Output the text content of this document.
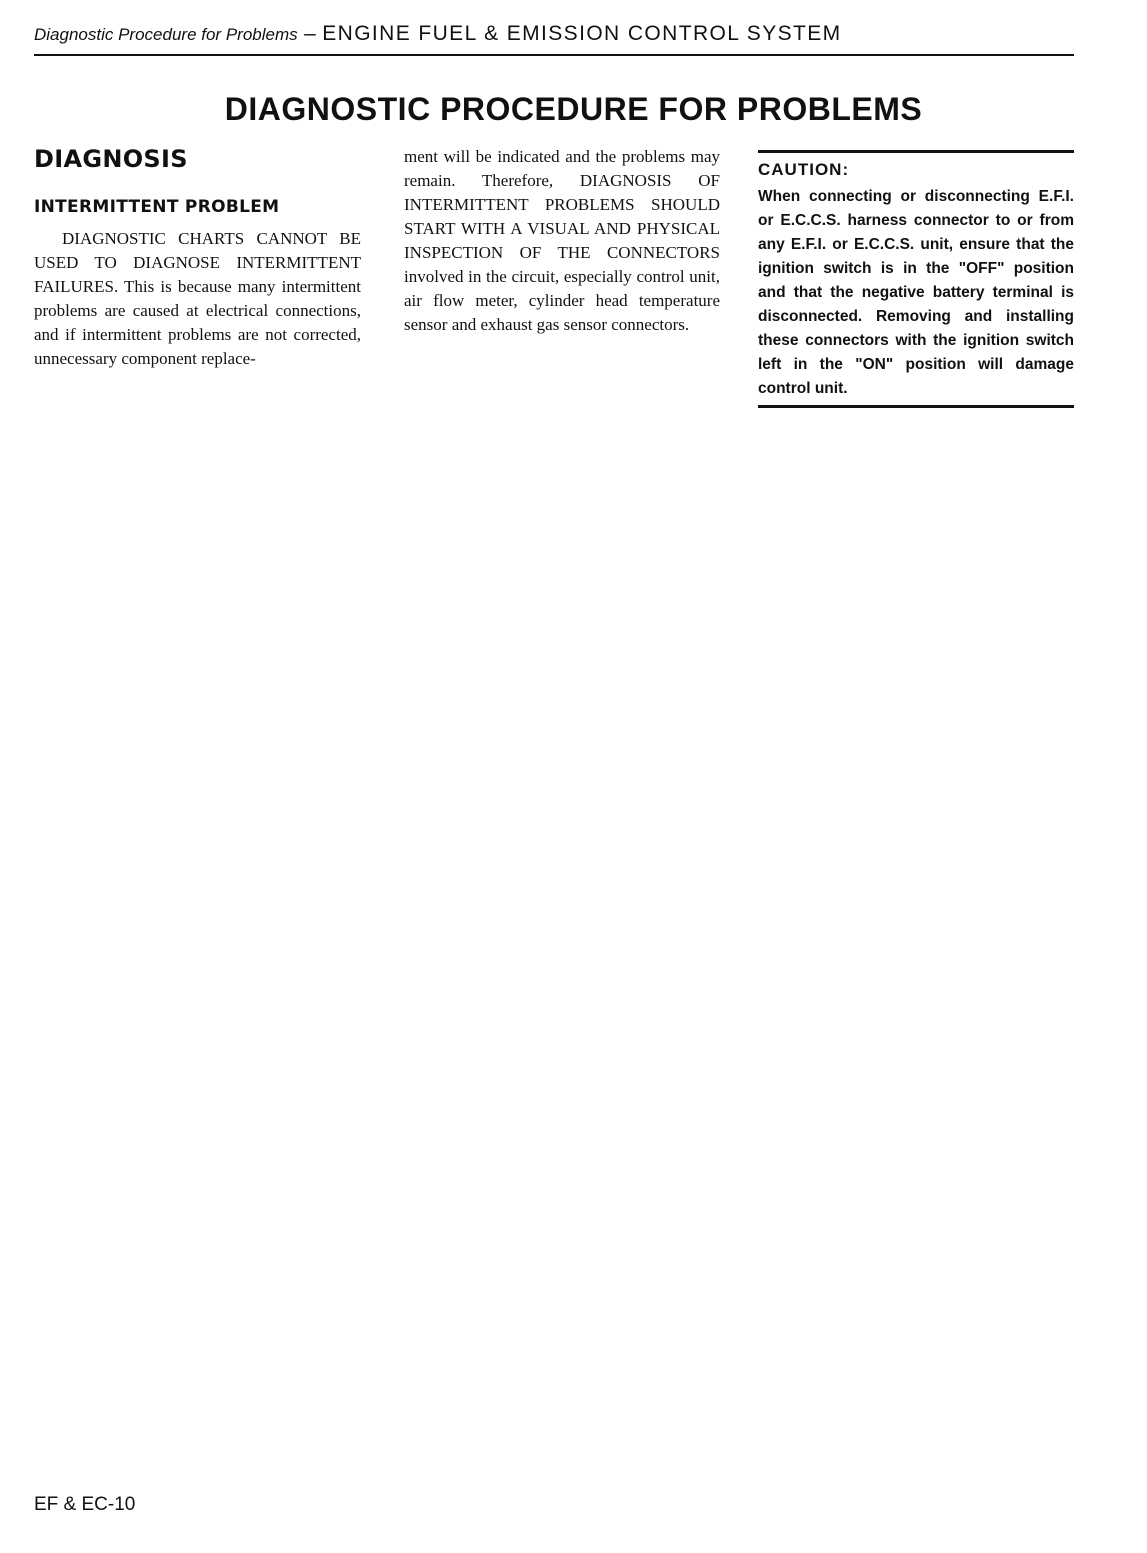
Diagnostic Procedure for Problems – ENGINE FUEL & EMISSION CONTROL SYSTEM
DIAGNOSTIC PROCEDURE FOR PROBLEMS
DIAGNOSIS
INTERMITTENT PROBLEM

DIAGNOSTIC CHARTS CANNOT BE USED TO DIAGNOSE INTERMITTENT FAILURES. This is because many intermittent problems are caused at electrical connections, and if intermittent problems are not corrected, unnecessary component replace-

ment will be indicated and the problems may remain. Therefore, DIAGNOSIS OF INTERMITTENT PROBLEMS SHOULD START WITH A VISUAL AND PHYSICAL INSPECTION OF THE CONNECTORS involved in the circuit, especially control unit, air flow meter, cylinder head temperature sensor and exhaust gas sensor connectors.

CAUTION:

When connecting or disconnecting E.F.I. or E.C.C.S. harness connector to or from any E.F.I. or E.C.C.S. unit, ensure that the ignition switch is in the "OFF" position and that the negative battery terminal is disconnected. Removing and installing these connectors with the ignition switch left in the "ON" position will damage control unit.

EF & EC-10
